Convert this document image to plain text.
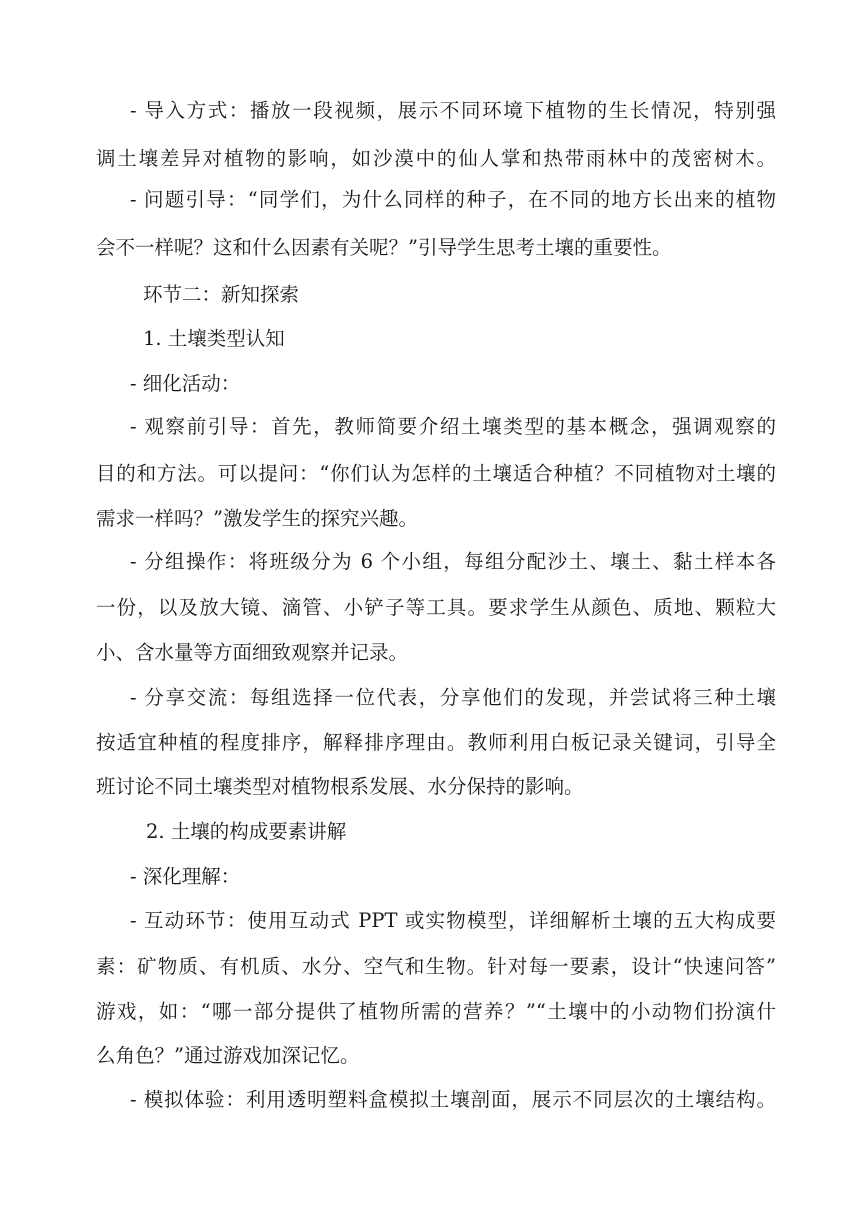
- 导入方式：播放一段视频，展示不同环境下植物的生长情况，特别强
调土壤差异对植物的影响，如沙漠中的仙人掌和热带雨林中的茂密树木。
- 问题引导：“同学们，为什么同样的种子，在不同的地方长出来的植物
会不一样呢？这和什么因素有关呢？”引导学生思考土壤的重要性。
环节二：新知探索
1. 土壤类型认知
- 细化活动：
- 观察前引导：首先，教师简要介绍土壤类型的基本概念，强调观察的
目的和方法。可以提问：“你们认为怎样的土壤适合种植？不同植物对土壤的
需求一样吗？”激发学生的探究兴趣。
- 分组操作：将班级分为 6 个小组，每组分配沙土、壤土、黏土样本各
一份，以及放大镜、滴管、小铲子等工具。要求学生从颜色、质地、颗粒大
小、含水量等方面细致观察并记录。
- 分享交流：每组选择一位代表，分享他们的发现，并尝试将三种土壤
按适宜种植的程度排序，解释排序理由。教师利用白板记录关键词，引导全
班讨论不同土壤类型对植物根系发展、水分保持的影响。
2. 土壤的构成要素讲解
- 深化理解：
- 互动环节：使用互动式 PPT 或实物模型，详细解析土壤的五大构成要
素：矿物质、有机质、水分、空气和生物。针对每一要素，设计“快速问答”
游戏，如：“哪一部分提供了植物所需的营养？”“土壤中的小动物们扮演什
么角色？”通过游戏加深记忆。
- 模拟体验：利用透明塑料盒模拟土壤剖面，展示不同层次的土壤结构。
